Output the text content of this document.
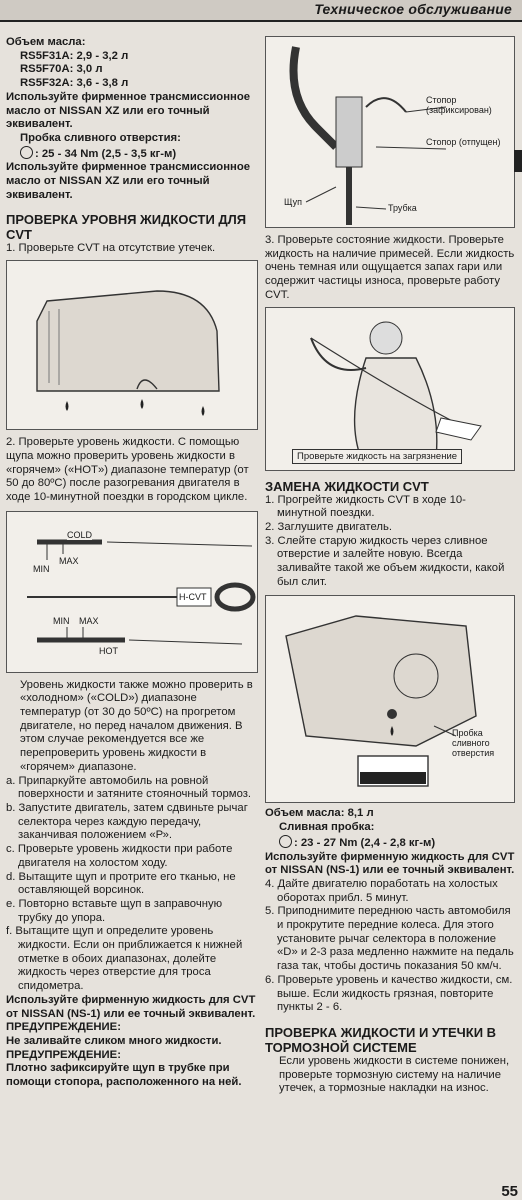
Техническое обслуживание

Объем масла:

RS5F31A: 2,9 - 3,2 л

RS5F70A: 3,0 л

RS5F32A: 3,6 - 3,8 л

Используйте фирменное трансмиссионное масло от NISSAN XZ или его точный эквивалент.

Пробка сливного отверстия:

: 25 - 34 Nm (2,5 - 3,5 кг-м)

Используйте фирменное трансмиссионное масло от NISSAN XZ или его точный эквивалент.

ПРОВЕРКА УРОВНЯ ЖИДКОСТИ ДЛЯ CVT

1. Проверьте CVT на отсутствие утечек.

2. Проверьте уровень жидкости. С помощью щупа можно проверить уровень жидкости в «горячем» («HOT») диапазоне температур (от 50 до 80ºC) после разогревания двигателя в ходе 10-минутной поездки в городском цикле.

COLD
MIN
MAX
H-CVT
MIN MAX
HOT

Уровень жидкости также можно проверить в «холодном» («COLD») диапазоне температур (от 30 до 50ºC) на прогретом двигателе, но перед началом движения. В этом случае рекомендуется все же перепроверить уровень жидкости в «горячем» диапазоне.

a. Припаркуйте автомобиль на ровной поверхности и затяните стояночный тормоз.

b. Запустите двигатель, затем сдвиньте рычаг селектора через каждую передачу, заканчивая положением «Р».

c. Проверьте уровень жидкости при работе двигателя на холостом ходу.

d. Вытащите щуп и протрите его тканью, не оставляющей ворсинок.

e. Повторно вставьте щуп в заправочную трубку до упора.

f. Вытащите щуп и определите уровень жидкости. Если он приближается к нижней отметке в обоих диапазонах, долейте жидкость через отверстие для троса спидометра.

Используйте фирменную жидкость для CVT от NISSAN (NS-1) или ее точный эквивалент.

ПРЕДУПРЕЖДЕНИЕ:

Не заливайте сликом много жидкости.

ПРЕДУПРЕЖДЕНИЕ:

Плотно зафиксируйте щуп в трубке при помощи стопора, расположенного на ней.

Стопор (зафиксирован)
Стопор (отпущен)
Щуп
Трубка

3. Проверьте состояние жидкости. Проверьте жидкость на наличие примесей. Если жидкость очень темная или ощущается запах гари или содержит частицы износа, проверьте работу CVT.

Проверьте жидкость на загрязнение

ЗАМЕНА ЖИДКОСТИ CVT

1. Прогрейте жидкость CVT в ходе 10-минутной поездки.

2. Заглушите двигатель.

3. Слейте старую жидкость через сливное отверстие и залейте новую. Всегда заливайте такой же объем жидкости, какой был слит.

Пробка сливного отверстия

Объем масла: 8,1 л

Сливная пробка:

: 23 - 27 Nm (2,4 - 2,8 кг-м)

Используйте фирменную жидкость для CVT от NISSAN (NS-1) или ее точный эквивалент.

4. Дайте двигателю поработать на холостых оборотах прибл. 5 минут.

5. Приподнимите переднюю часть автомобиля и прокрутите передние колеса. Для этого установите рычаг селектора в положение «D» и 2-3 раза медленно нажмите на педаль газа так, чтобы достичь показания 50 км/ч.

6. Проверьте уровень и качество жидкости, см. выше. Если жидкость грязная, повторите пункты 2 - 6.

ПРОВЕРКА ЖИДКОСТИ И УТЕЧКИ В ТОРМОЗНОЙ СИСТЕМЕ

Если уровень жидкости в системе понижен, проверьте тормозную систему на наличие утечек, а тормозные накладки на износ.

55
